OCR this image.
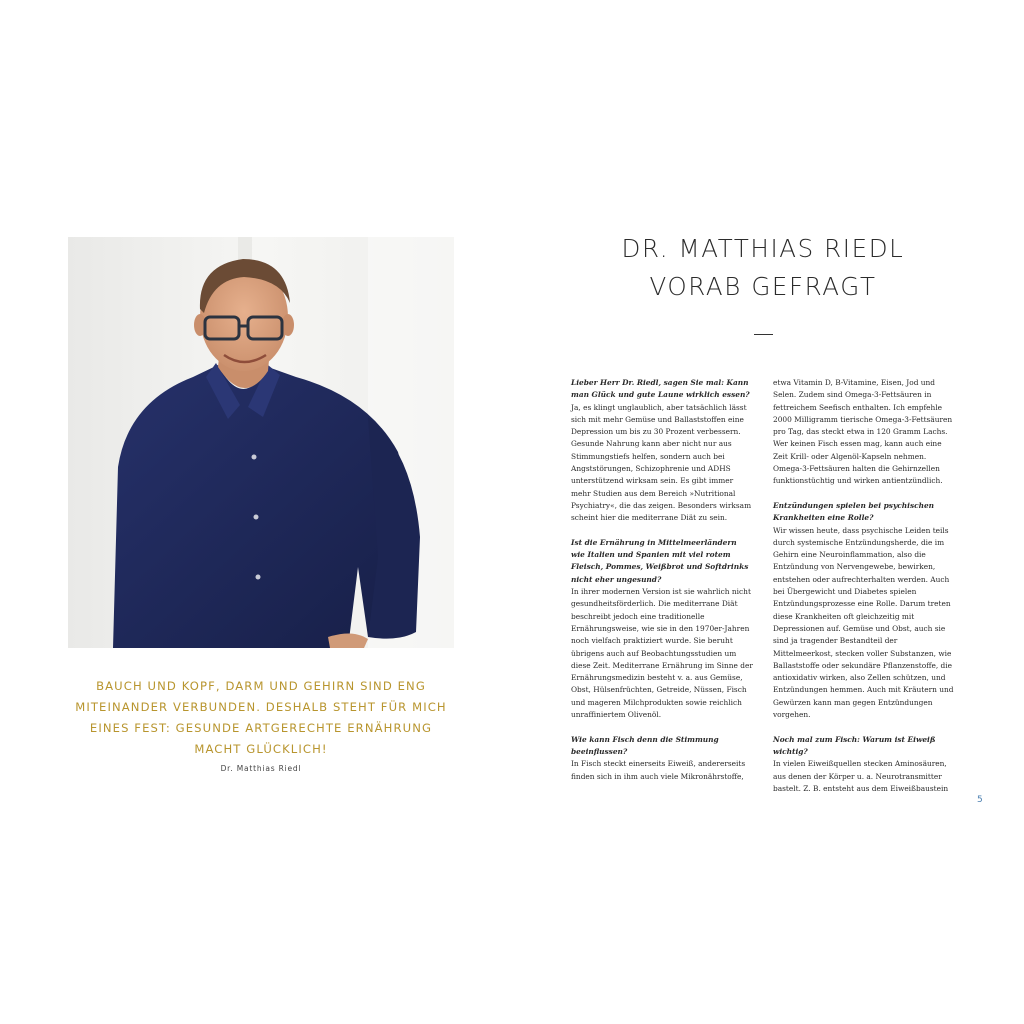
BAUCH UND KOPF, DARM UND GEHIRN SIND ENG

MITEINANDER VERBUNDEN. DESHALB STEHT FÜR MICH

EINES FEST: GESUNDE ARTGERECHTE ERNÄHRUNG

MACHT GLÜCKLICH!

Dr. Matthias Riedl
DR. MATTHIAS RIEDL
VORAB GEFRAGT

Lieber Herr Dr. Riedl, sagen Sie mal: Kann man Glück und gute Laune wirklich essen?
Ja, es klingt unglaublich, aber tatsächlich lässt sich mit mehr Gemüse und Ballaststoffen eine Depression um bis zu 30 Prozent verbessern. Gesunde Nahrung kann aber nicht nur aus Stimmungstiefs helfen, sondern auch bei Angststörungen, Schizophrenie und ADHS unterstützend wirksam sein. Es gibt immer mehr Studien aus dem Bereich »Nutritional Psychiatry«, die das zeigen. Besonders wirksam scheint hier die mediterrane Diät zu sein.

Ist die Ernährung in Mittelmeerländern wie Italien und Spanien mit viel rotem Fleisch, Pommes, Weißbrot und Softdrinks nicht eher ungesund?
In ihrer modernen Version ist sie wahrlich nicht gesundheitsförderlich. Die mediterrane Diät beschreibt jedoch eine traditionelle Ernährungsweise, wie sie in den 1970er-Jahren noch vielfach praktiziert wurde. Sie beruht übrigens auch auf Beobachtungsstudien um diese Zeit. Mediterrane Ernährung im Sinne der Ernährungsmedizin besteht v. a. aus Gemüse, Obst, Hülsenfrüchten, Getreide, Nüssen, Fisch und mageren Milchprodukten sowie reichlich unraffiniertem Olivenöl.

Wie kann Fisch denn die Stimmung beeinflussen?
In Fisch steckt einerseits Eiweiß, andererseits finden sich in ihm auch viele Mikronährstoffe,

etwa Vitamin D, B-Vitamine, Eisen, Jod und Selen. Zudem sind Omega-3-Fettsäuren in fettreichem Seefisch enthalten. Ich empfehle 2000 Milligramm tierische Omega-3-Fettsäuren pro Tag, das steckt etwa in 120 Gramm Lachs. Wer keinen Fisch essen mag, kann auch eine Zeit Krill- oder Algenöl-Kapseln nehmen. Omega-3-Fettsäuren halten die Gehirnzellen funktionstüchtig und wirken antientzündlich.

Entzündungen spielen bei psychischen Krankheiten eine Rolle?
Wir wissen heute, dass psychische Leiden teils durch systemische Entzündungsherde, die im Gehirn eine Neuroinflammation, also die Entzündung von Nervengewebe, bewirken, entstehen oder aufrechterhalten werden. Auch bei Übergewicht und Diabetes spielen Entzündungsprozesse eine Rolle. Darum treten diese Krankheiten oft gleichzeitig mit Depressionen auf. Gemüse und Obst, auch sie sind ja tragender Bestandteil der Mittelmeerkost, stecken voller Substanzen, wie Ballaststoffe oder sekundäre Pflanzenstoffe, die antioxidativ wirken, also Zellen schützen, und Entzündungen hemmen. Auch mit Kräutern und Gewürzen kann man gegen Entzündungen vorgehen.

Noch mal zum Fisch: Warum ist Eiweiß wichtig?
In vielen Eiweißquellen stecken Aminosäuren, aus denen der Körper u. a. Neurotransmitter bastelt. Z. B. entsteht aus dem Eiweißbaustein

5
